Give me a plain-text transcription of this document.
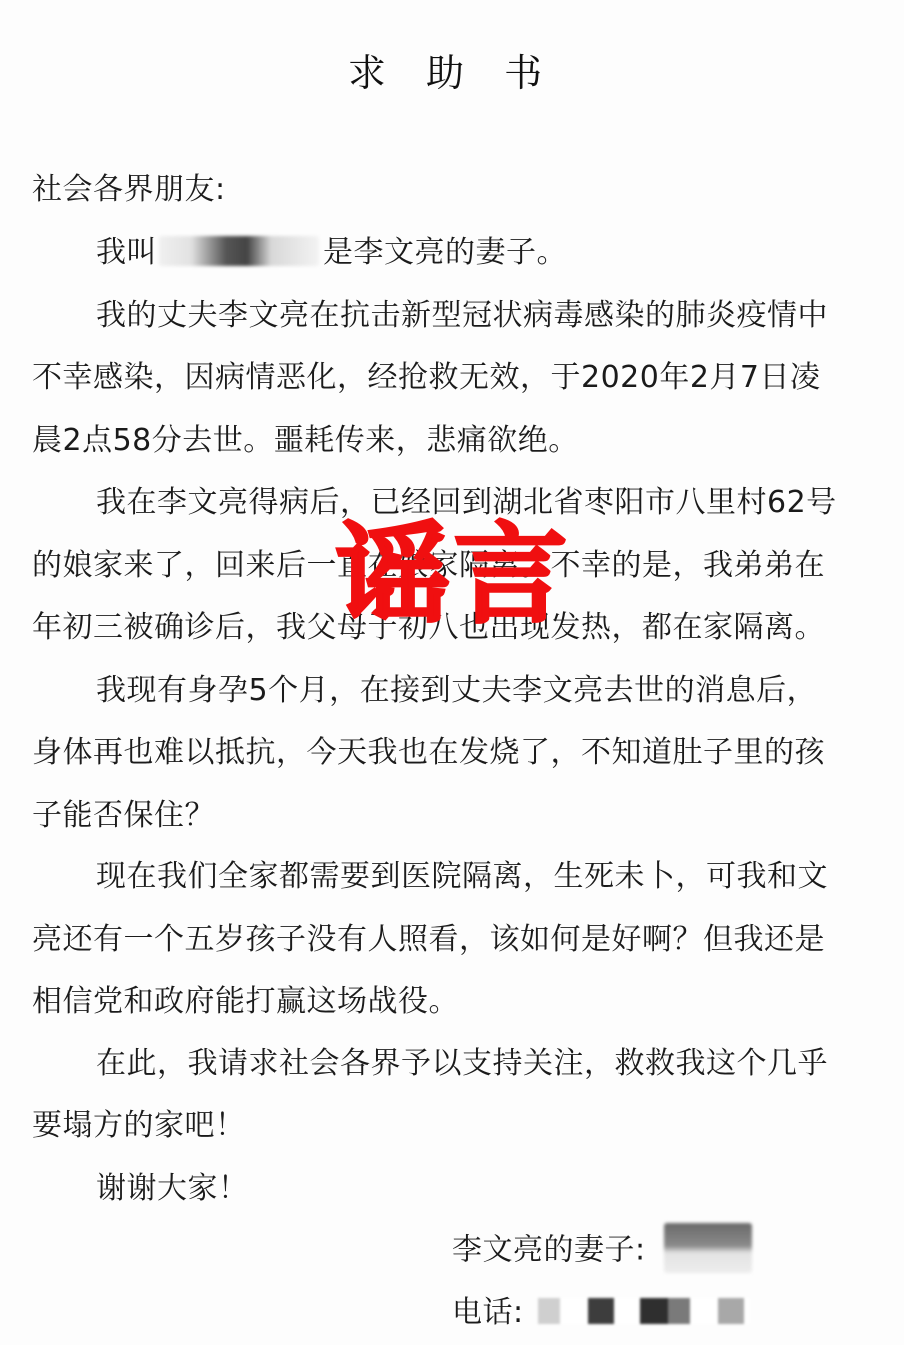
求 助 书
社会各界朋友:
我叫	是李文亮的妻子。
我的丈夫李文亮在抗击新型冠状病毒感染的肺炎疫情中
不幸感染，因病情恶化，经抢救无效，于2020年2月7日凌
晨2点58分去世。噩耗传来，悲痛欲绝。
我在李文亮得病后，已经回到湖北省枣阳市八里村62号
的娘家来了，回来后一直在娘家隔离。不幸的是，我弟弟在
年初三被确诊后，我父母于初八也出现发热，都在家隔离。
我现有身孕5个月，在接到丈夫李文亮去世的消息后，
身体再也难以抵抗，今天我也在发烧了，不知道肚子里的孩
子能否保住？
现在我们全家都需要到医院隔离，生死未卜，可我和文
亮还有一个五岁孩子没有人照看，该如何是好啊？但我还是
相信党和政府能打赢这场战役。
在此，我请求社会各界予以支持关注，救救我这个几乎
要塌方的家吧！
谢谢大家！
李文亮的妻子:
电话:
谣言
